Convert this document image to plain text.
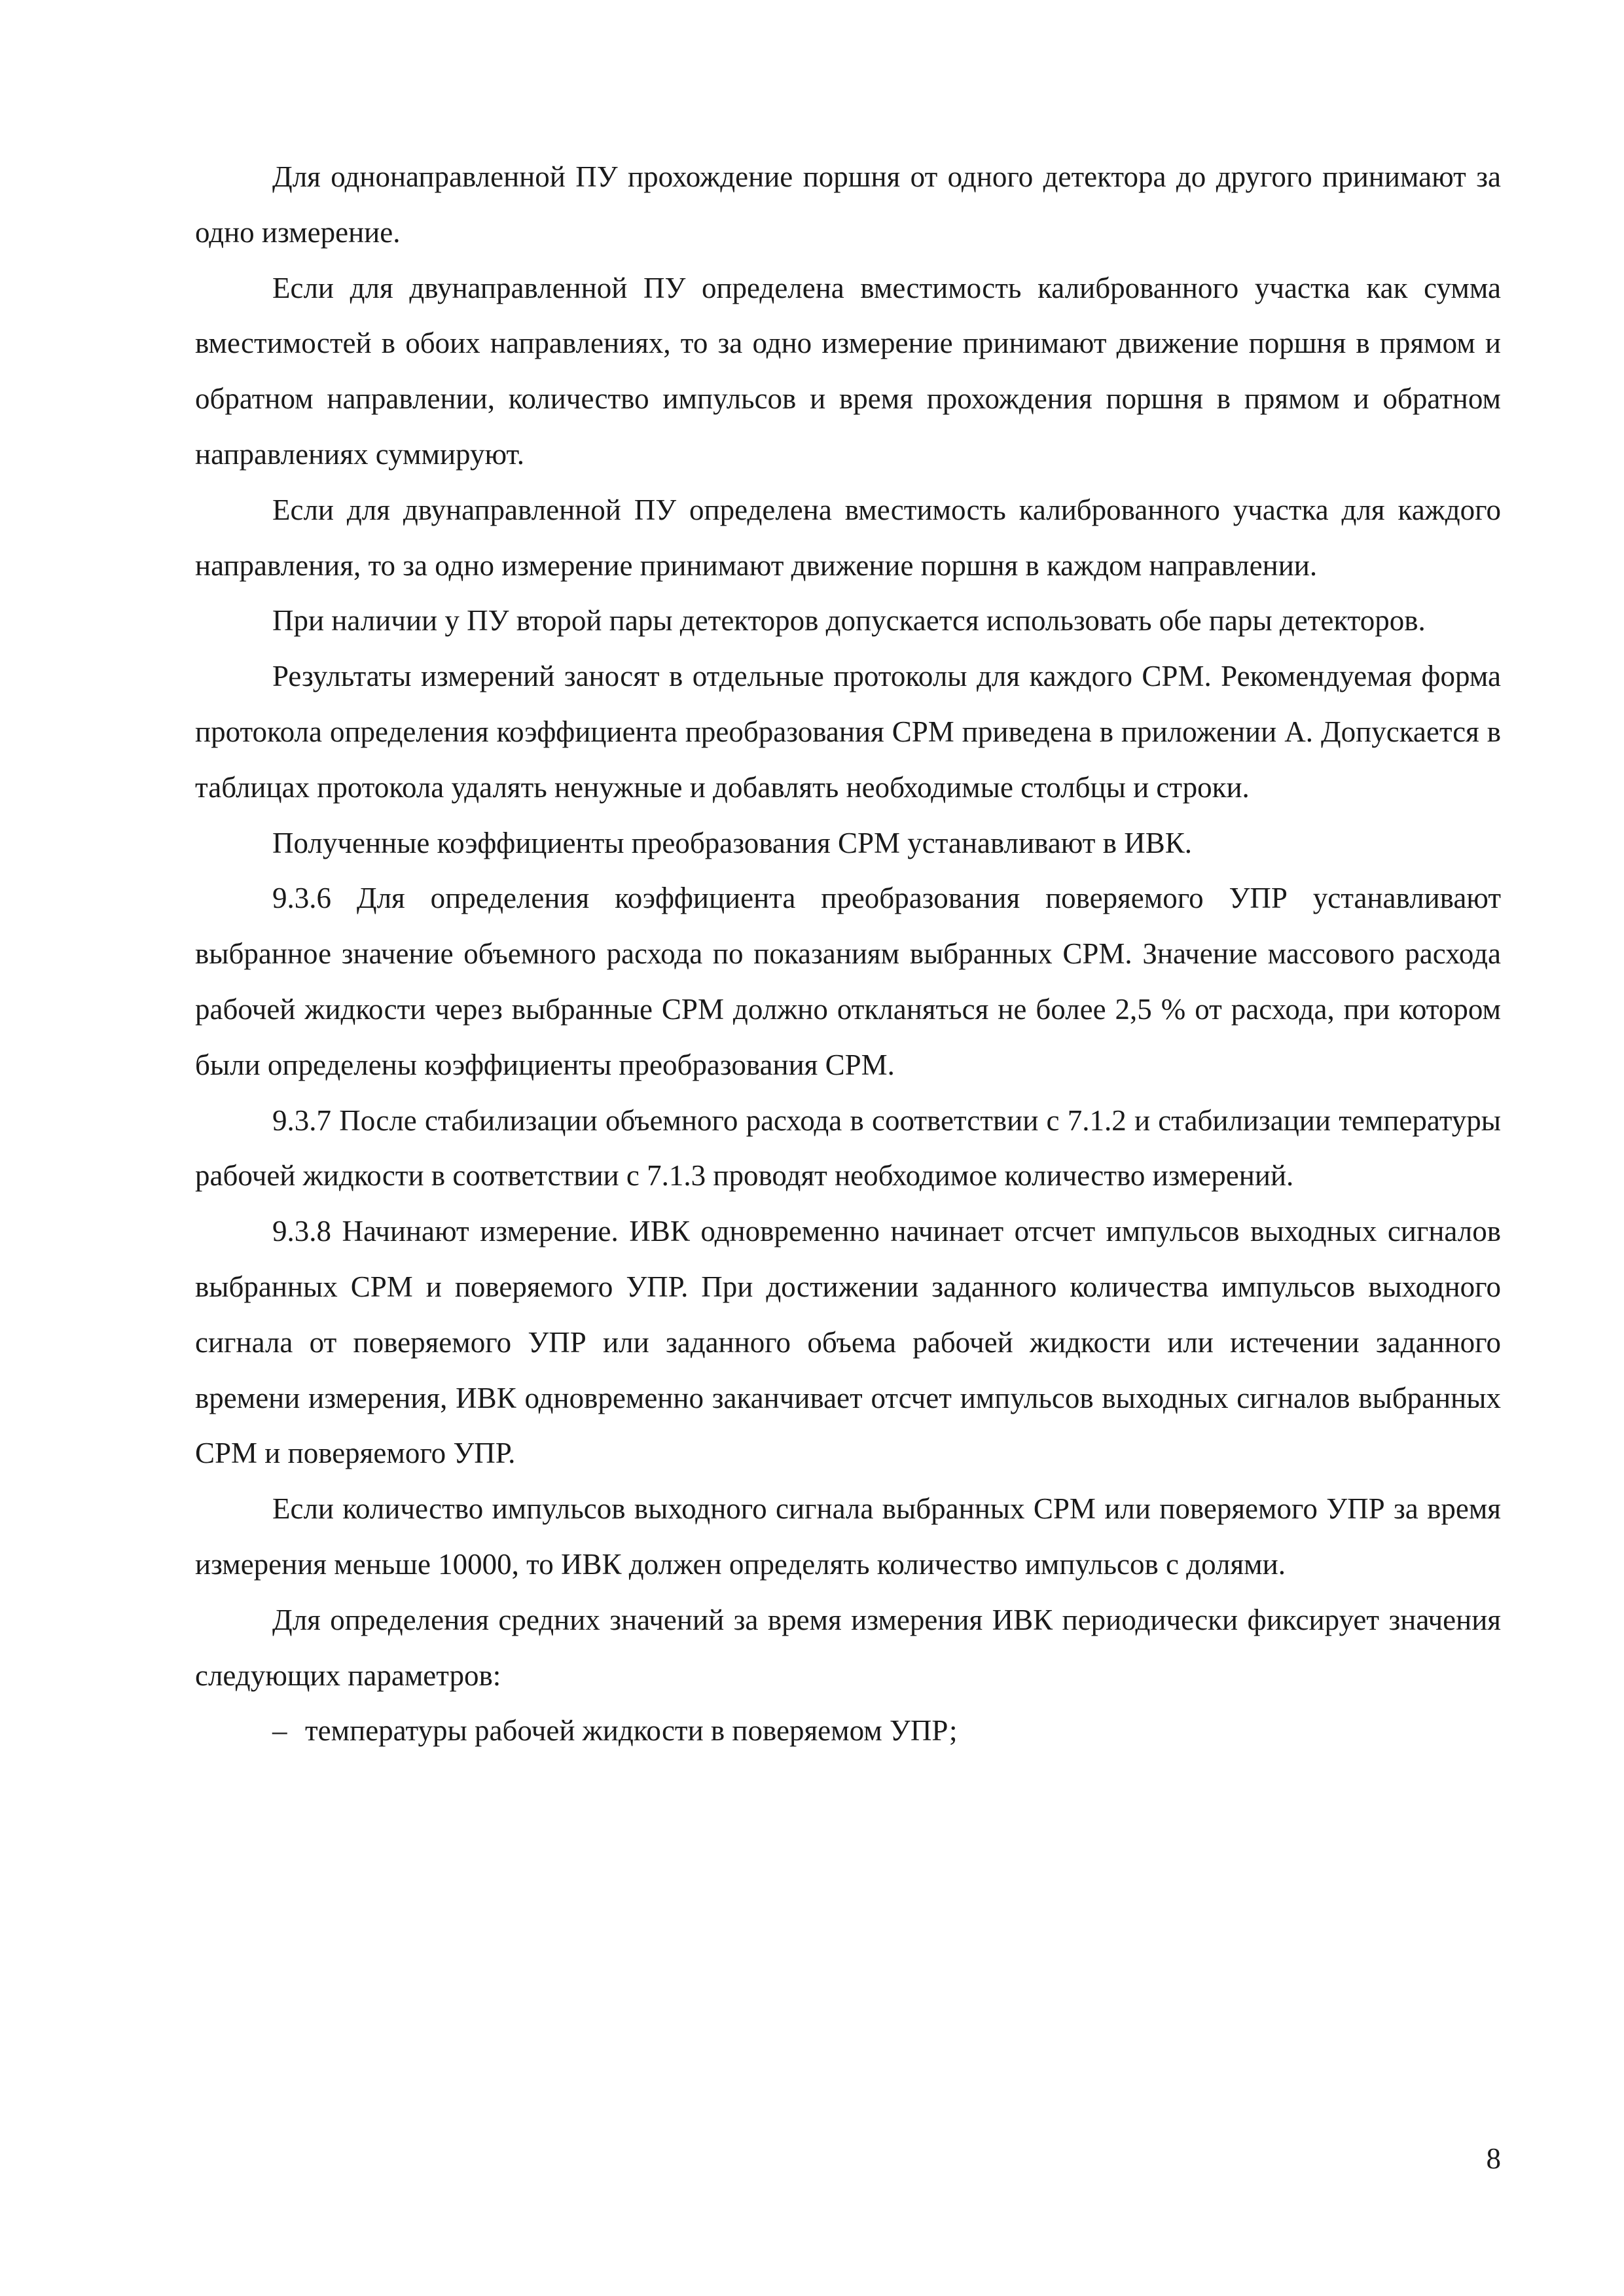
Для однонаправленной ПУ прохождение поршня от одного детектора до другого принимают за одно измерение.

Если для двунаправленной ПУ определена вместимость калиброванного участка как сумма вместимостей в обоих направлениях, то за одно измерение принимают движение поршня в прямом и обратном направлении, количество импульсов и время прохождения поршня в прямом и обратном направлениях суммируют.

Если для двунаправленной ПУ определена вместимость калиброванного участка для каждого направления, то за одно измерение принимают движение поршня в каждом направлении.

При наличии у ПУ второй пары детекторов допускается использовать обе пары детекторов.

Результаты измерений заносят в отдельные протоколы для каждого СРМ. Рекомендуемая форма протокола определения коэффициента преобразования СРМ приведена в приложении А. Допускается в таблицах протокола удалять ненужные и добавлять необходимые столбцы и строки.

Полученные коэффициенты преобразования СРМ устанавливают в ИВК.

9.3.6 Для определения коэффициента преобразования поверяемого УПР устанавливают выбранное значение объемного расхода по показаниям выбранных СРМ. Значение массового расхода рабочей жидкости через выбранные СРМ должно откланяться не более 2,5 % от расхода, при котором были определены коэффициенты преобразования СРМ.

9.3.7 После стабилизации объемного расхода в соответствии с 7.1.2 и стабилизации температуры рабочей жидкости в соответствии с 7.1.3 проводят необходимое количество измерений.

9.3.8 Начинают измерение. ИВК одновременно начинает отсчет импульсов выходных сигналов выбранных СРМ и поверяемого УПР. При достижении заданного количества импульсов выходного сигнала от поверяемого УПР или заданного объема рабочей жидкости или истечении заданного времени измерения, ИВК одновременно заканчивает отсчет импульсов выходных сигналов выбранных СРМ и поверяемого УПР.

Если количество импульсов выходного сигнала выбранных СРМ или поверяемого УПР за время измерения меньше 10000, то ИВК должен определять количество импульсов с долями.

Для определения средних значений за время измерения ИВК периодически фиксирует значения следующих параметров:

– температуры рабочей жидкости в поверяемом УПР;
8
